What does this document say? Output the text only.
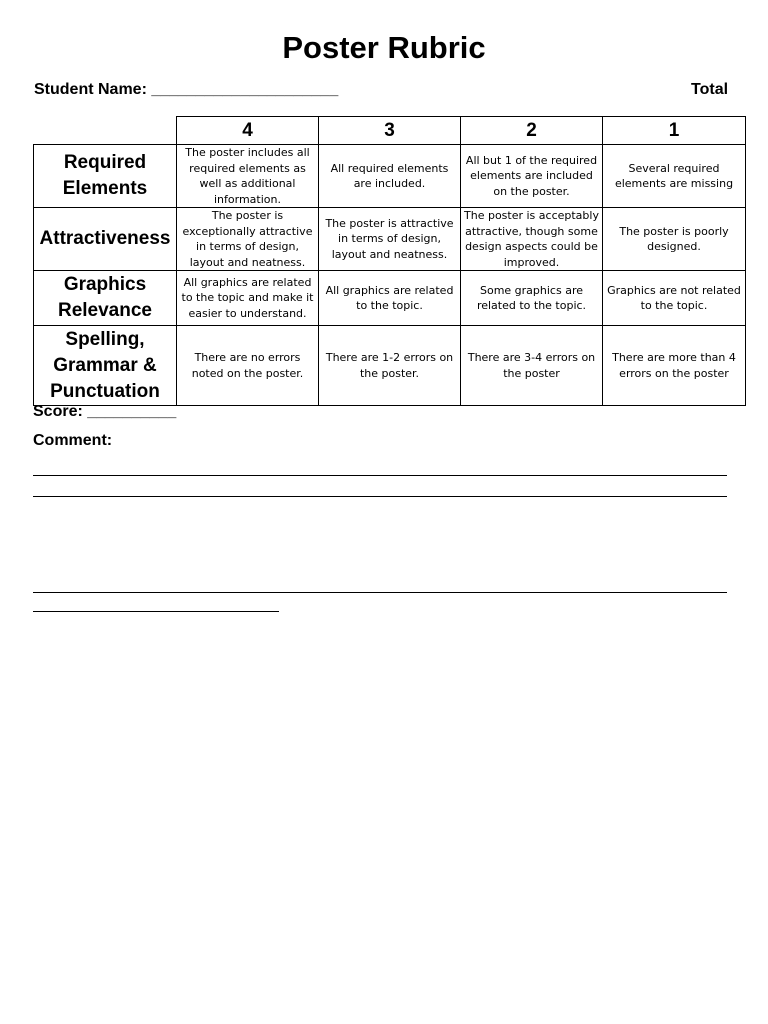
Poster Rubric
Student Name: _____________________	Total
	4	3	2	1
Required Elements	The poster includes all required elements as well as additional information.	All required elements are included.	All but 1 of the required elements are included on the poster.	Several required elements are missing
Attractiveness	The poster is exceptionally attractive in terms of design, layout and neatness.	The poster is attractive in terms of design, layout and neatness.	The poster is acceptably attractive, though some design aspects could be improved.	The poster is poorly designed.
Graphics Relevance	All graphics are related to the topic and make it easier to understand.	All graphics are related to the topic.	Some graphics are related to the topic.	Graphics are not related to the topic.
Spelling, Grammar & Punctuation	There are no errors noted on the poster.	There are 1-2 errors on the poster.	There are 3-4 errors on the poster	There are more than 4 errors on the poster
Score: __________
Comment:
